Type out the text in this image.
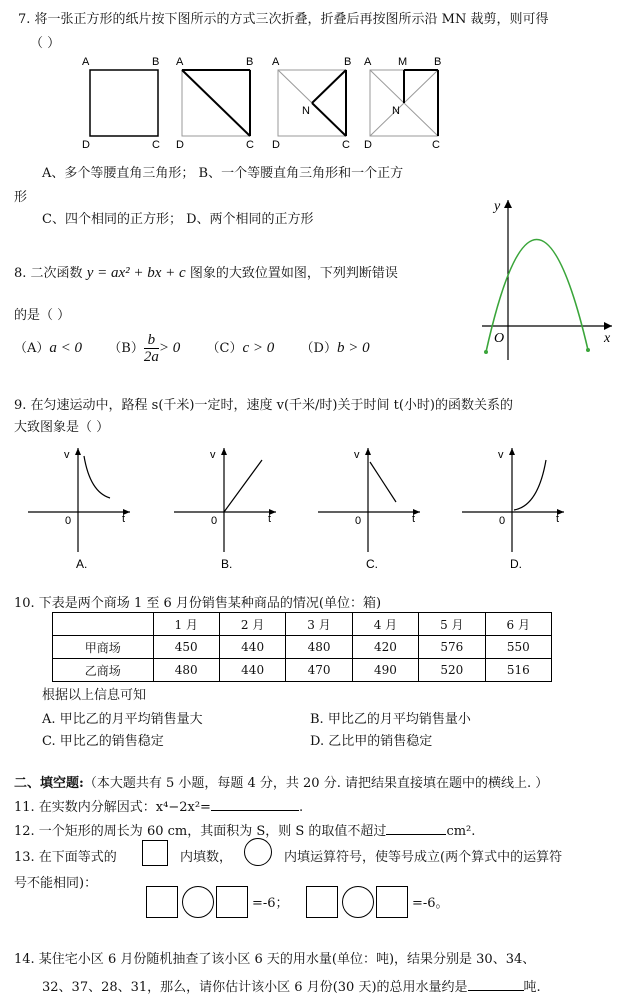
7. 将一张正方形的纸片按下图所示的方式三次折叠，折叠后再按图所示沿 MN 裁剪，则可得
（ ）
A	B
D	C
A	B
D	C
A	B
N
D	C
A M B
N
D	C
A、多个等腰直角三角形； B、一个等腰直角三角形和一个正方
形
C、四个相同的正方形； D、两个相同的正方形
8. 二次函数 y = ax² + bx + c 图象的大致位置如图，下列判断错误
的是（ ）
（A）a < 0 $(B) \frac{b}{2a} > 0$ （C）c > 0 （D）b > 0
y
x
O
9. 在匀速运动中，路程 s(千米)一定时，速度 v(千米/时)关于时间 t(小时)的函数关系的
大致图象是（ ）
v
t
0
A.
v
t
0
B.
v
t
0
C.
v
t
0
D.
10. 下表是两个商场 1 至 6 月份销售某种商品的情况(单位：箱)
	1 月	2 月	3 月	4 月	5 月	6 月
甲商场	450	440	480	420	576	550
乙商场	480	440	470	490	520	516
根据以上信息可知
A. 甲比乙的月平均销售量大	B. 甲比乙的月平均销售量小
C. 甲比乙的销售稳定	D. 乙比甲的销售稳定
二、填空题:（本大题共有 5 小题，每题 4 分，共 20 分. 请把结果直接填在题中的横线上. ）
11. 在实数内分解因式：x⁴−2x²=	.
12. 一个矩形的周长为 60 cm，其面积为 S，则 S 的取值不超过	cm².
13. 在下面等式的	内填数，	内填运算符号，使等号成立(两个算式中的运算符
号不能相同)：
=-6；	=-6。
14. 某住宅小区 6 月份随机抽查了该小区 6 天的用水量(单位：吨)，结果分别是 30、34、
32、37、28、31，那么，请你估计该小区 6 月份(30 天)的总用水量约是	吨.
